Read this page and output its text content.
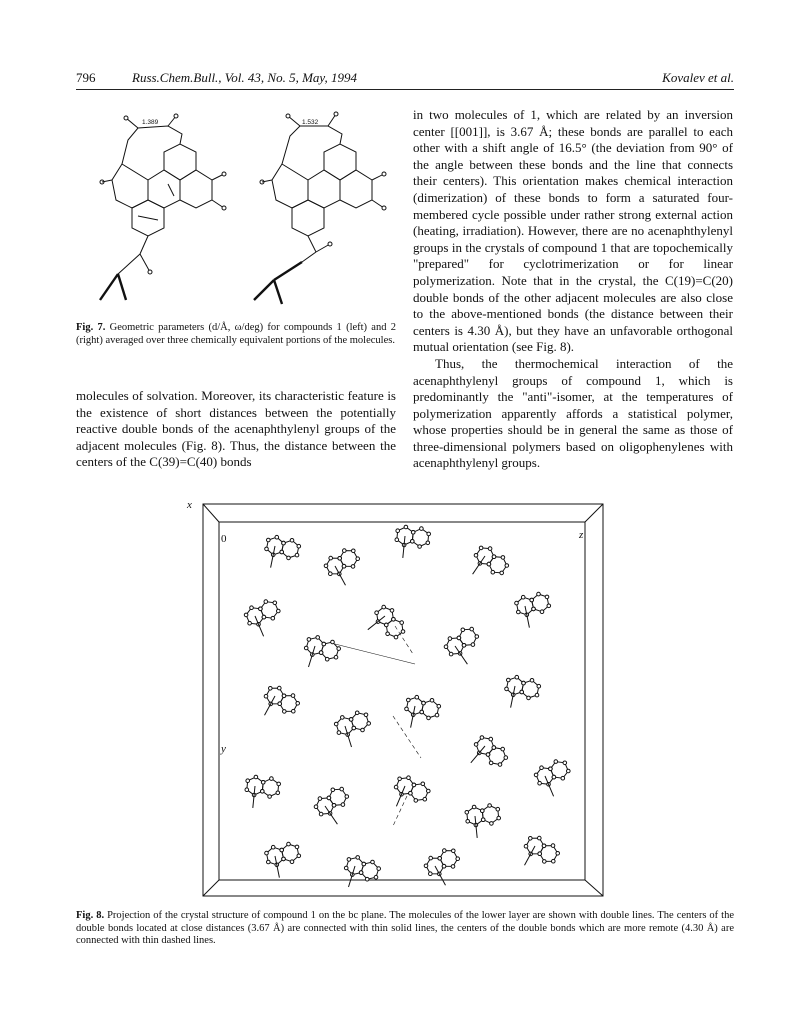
796	Russ.Chem.Bull., Vol. 43, No. 5, May, 1994	Kovalev et al.
1.389	1.532
Fig. 7. Geometric parameters (d/Å, ω/deg) for compounds 1 (left) and 2 (right) averaged over three chemically equivalent portions of the molecules.

molecules of solvation. Moreover, its characteristic feature is the existence of short distances between the potentially reactive double bonds of the acenaphthylenyl groups of the adjacent molecules (Fig. 8). Thus, the distance between the centers of the C(39)=C(40) bonds

in two molecules of 1, which are related by an inversion center [[001]], is 3.67 Å; these bonds are parallel to each other with a shift angle of 16.5° (the deviation from 90° of the angle between these bonds and the line that connects their centers). This orientation makes chemical interaction (dimerization) of these bonds to form a saturated four-membered cycle possible under rather strong external action (heating, irradiation). However, there are no acenaphthylenyl groups in the crystals of compound 1 that are topochemically "prepared" for cyclotrimerization or for linear polymerization. Note that in the crystal, the C(19)=C(20) double bonds of the other adjacent molecules are also close to the above-mentioned bonds (the distance between their centers is 4.30 Å), but they have an unfavorable orthogonal mutual orientation (see Fig. 8).

Thus, the thermochemical interaction of the acenaphthylenyl groups of compound 1, which is predominantly the "anti"-isomer, at the temperatures of polymerization apparently affords a statistical polymer, whose properties should be in general the same as those of three-dimensional polymers based on oligophenylenes with acenaphthylenyl groups.

x
0
y
z
Fig. 8. Projection of the crystal structure of compound 1 on the bc plane. The molecules of the lower layer are shown with double lines. The centers of the double bonds located at close distances (3.67 Å) are connected with thin solid lines, the centers of the double bonds which are more remote (4.30 Å) are connected with thin dashed lines.
